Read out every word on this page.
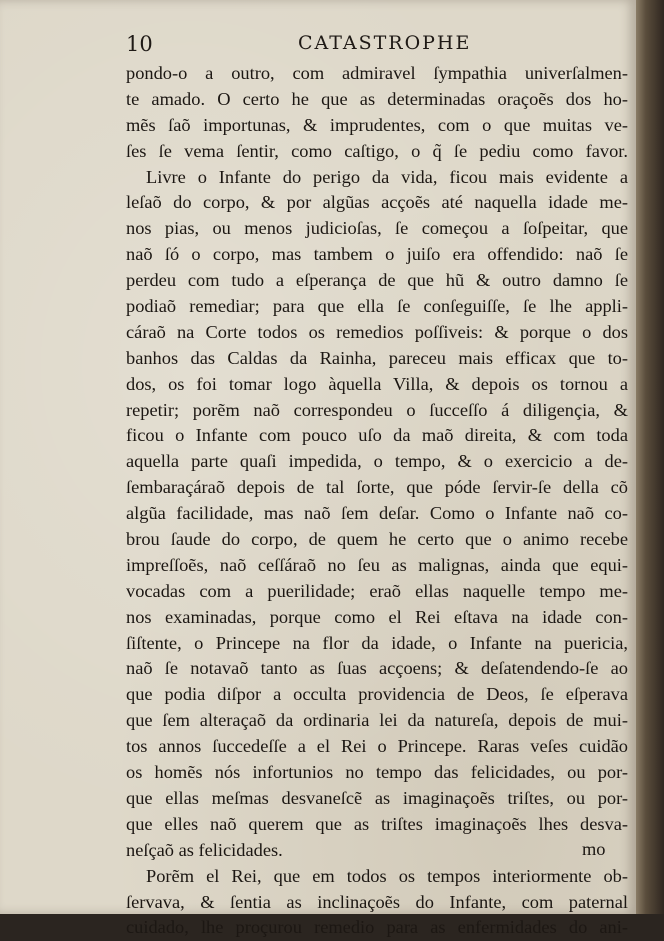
10	CATASTROPHE
pondo-o a outro, com admiravel ſympathia univerſalmen-
te amado. O certo he que as determinadas oraçoẽs dos ho-
mẽs ſaõ importunas, & imprudentes, com o que muitas ve-
ſes ſe vema ſentir, como caſtigo, o q̃ ſe pediu como favor.
Livre o Infante do perigo da vida, ficou mais evidente a
leſaõ do corpo, & por algũas acçoẽs até naquella idade me-
nos pias, ou menos judicioſas, ſe começou a ſoſpeitar, que
naõ ſó o corpo, mas tambem o juiſo era offendido: naõ ſe
perdeu com tudo a eſperança de que hũ & outro damno ſe
podiaõ remediar; para que ella ſe conſeguiſſe, ſe lhe appli-
cáraõ na Corte todos os remedios poſſiveis: & porque o dos
banhos das Caldas da Rainha, pareceu mais efficax que to-
dos, os foi tomar logo àquella Villa, & depois os tornou a
repetir; porẽm naõ correspondeu o ſucceſſo á diligençia, &
ficou o Infante com pouco uſo da maõ direita, & com toda
aquella parte quaſi impedida, o tempo, & o exercicio a de-
ſembaraçáraõ depois de tal ſorte, que póde ſervir-ſe della cõ
algũa facilidade, mas naõ ſem deſar. Como o Infante naõ co-
brou ſaude do corpo, de quem he certo que o animo recebe
impreſſoẽs, naõ ceſſáraõ no ſeu as malignas, ainda que equi-
vocadas com a puerilidade; eraõ ellas naquelle tempo me-
nos examinadas, porque como el Rei eſtava na idade con-
ſiſtente, o Princepe na flor da idade, o Infante na puericia,
naõ ſe notavaõ tanto as ſuas acçoens; & deſatendendo-ſe ao
que podia diſpor a occulta providencia de Deos, ſe eſperava
que ſem alteraçaõ da ordinaria lei da natureſa, depois de mui-
tos annos ſuccedeſſe a el Rei o Princepe. Raras veſes cuidão
os homẽs nós infortunios no tempo das felicidades, ou por-
que ellas meſmas desvaneſcẽ as imaginaçoẽs triſtes, ou por-
que elles naõ querem que as triſtes imaginaçoẽs lhes desva-
neſçaõ as felicidades.
Porẽm el Rei, que em todos os tempos interiormente ob-
ſervava, & ſentia as inclinaçoẽs do Infante, com paternal
cuidado, lhe proçurou remedio para as enfermidades do ani-
mo
